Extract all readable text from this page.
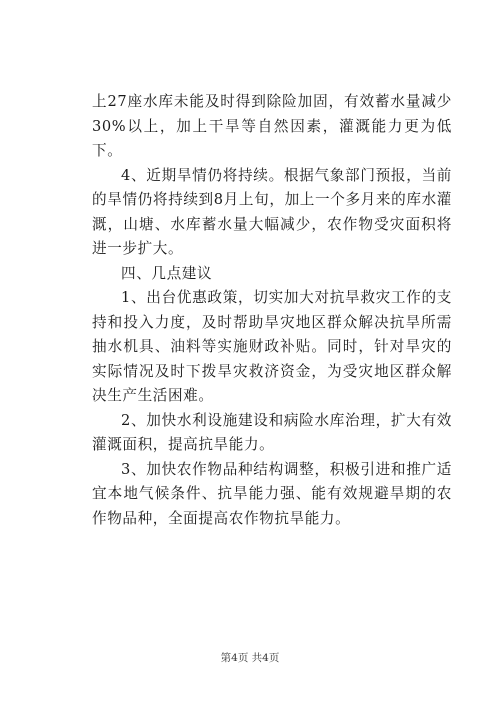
上27座水库未能及时得到除险加固，有效蓄水量减少30%以上，加上干旱等自然因素，灌溉能力更为低下。

4、近期旱情仍将持续。根据气象部门预报，当前的旱情仍将持续到8月上旬，加上一个多月来的库水灌溉，山塘、水库蓄水量大幅减少，农作物受灾面积将进一步扩大。

四、几点建议

1、出台优惠政策，切实加大对抗旱救灾工作的支持和投入力度，及时帮助旱灾地区群众解决抗旱所需抽水机具、油料等实施财政补贴。同时，针对旱灾的实际情况及时下拨旱灾救济资金，为受灾地区群众解决生产生活困难。

2、加快水利设施建设和病险水库治理，扩大有效灌溉面积，提高抗旱能力。

3、加快农作物品种结构调整，积极引进和推广适宜本地气候条件、抗旱能力强、能有效规避旱期的农作物品种，全面提高农作物抗旱能力。

第4页 共4页
